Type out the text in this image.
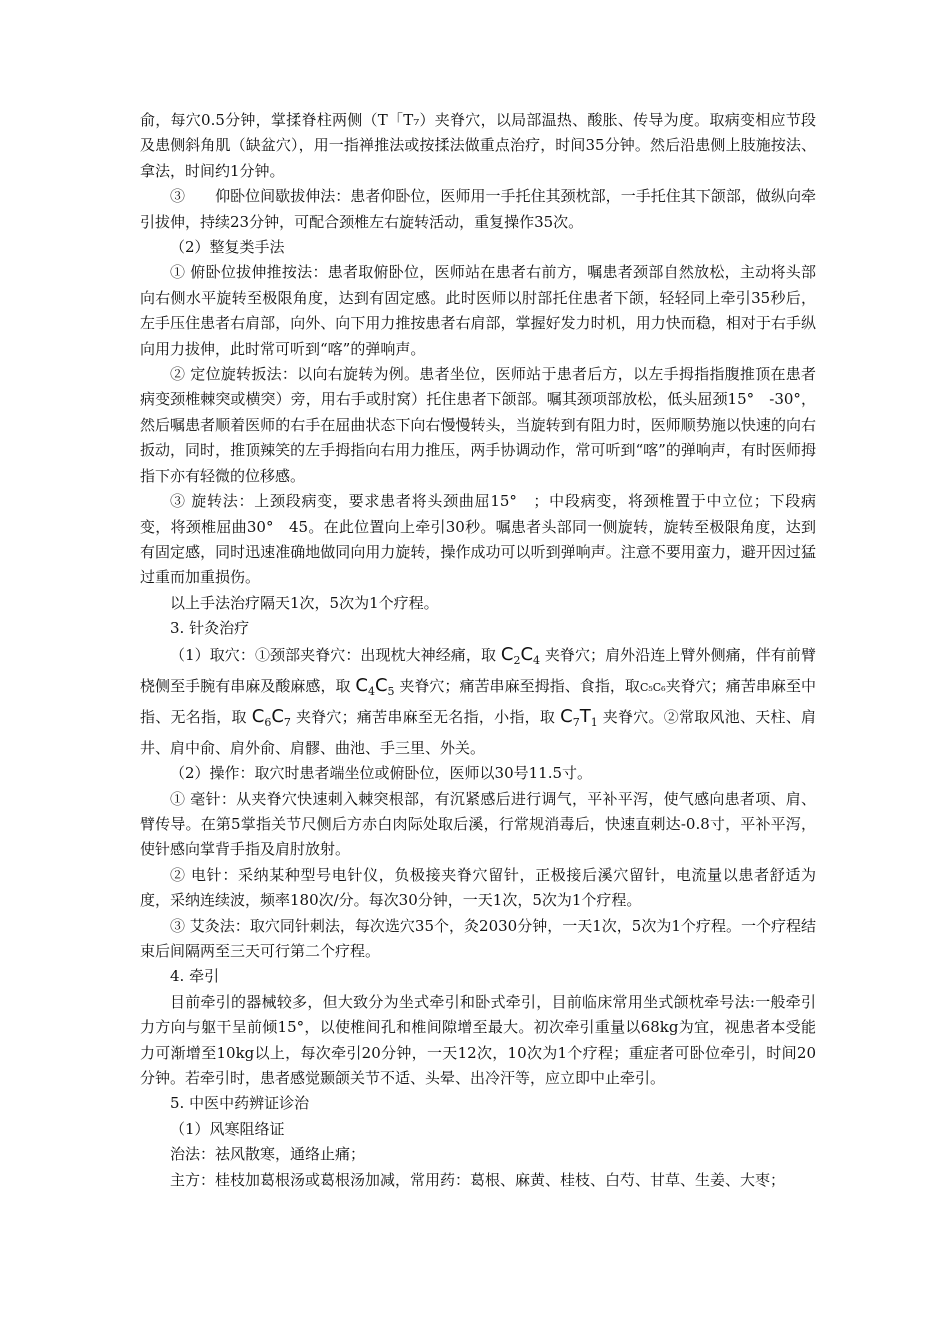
俞，每穴0.5分钟，掌揉脊柱两侧（T「T₇）夹脊穴，以局部温热、酸胀、传导为度。取病变相应节段及患侧斜角肌（缺盆穴），用一指禅推法或按揉法做重点治疗，时间35分钟。然后沿患侧上肢施按法、拿法，时间约1分钟。

③　　仰卧位间歇拔伸法：患者仰卧位，医师用一手托住其颈枕部，一手托住其下颌部，做纵向牵引拔伸，持续23分钟，可配合颈椎左右旋转活动，重复操作35次。

（2）整复类手法

① 俯卧位拔伸推按法：患者取俯卧位，医师站在患者右前方，嘱患者颈部自然放松，主动将头部向右侧水平旋转至极限角度，达到有固定感。此时医师以肘部托住患者下颌，轻轻同上牵引35秒后，左手压住患者右肩部，向外、向下用力推按患者右肩部，掌握好发力时机，用力快而稳，相对于右手纵向用力拔伸，此时常可听到“喀”的弹响声。

② 定位旋转扳法：以向右旋转为例。患者坐位，医师站于患者后方，以左手拇指指腹推顶在患者病变颈椎棘突或横突）旁，用右手或肘窝）托住患者下颌部。嘱其颈项部放松，低头屈颈15°　-30°，然后嘱患者顺着医师的右手在屈曲状态下向右慢慢转头，当旋转到有阻力时，医师顺势施以快速的向右扳动，同时，推顶辣笑的左手拇指向右用力推压，两手协调动作，常可听到“喀”的弹响声，有时医师拇指下亦有轻微的位移感。

③ 旋转法：上颈段病变，要求患者将头颈曲屈15°　；中段病变，将颈椎置于中立位；下段病变，将颈椎屈曲30°　45。在此位置向上牵引30秒。嘱患者头部同一侧旋转，旋转至极限角度，达到有固定感，同时迅速准确地做同向用力旋转，操作成功可以听到弹响声。注意不要用蛮力，避开因过猛过重而加重损伤。

以上手法治疗隔天1次，5次为1个疗程。

3. 针灸治疗

（1）取穴：①颈部夹脊穴：出现枕大神经痛，取 $C_2C_4$ 夹脊穴；肩外沿连上臂外侧痛，伴有前臂桡侧至手腕有串麻及酸麻感，取 $C_4C_5$ 夹脊穴；痛苦串麻至拇指、食指，取C₅C₆夹脊穴；痛苦串麻至中指、无名指，取 $C_6C_7$ 夹脊穴；痛苦串麻至无名指，小指，取 $C_7T_1$ 夹脊穴。②常取风池、天柱、肩井、肩中俞、肩外俞、肩髎、曲池、手三里、外关。

（2）操作：取穴时患者端坐位或俯卧位，医师以30号11.5寸。

① 毫针：从夹脊穴快速刺入棘突根部，有沉紧感后进行调气，平补平泻，使气感向患者项、肩、臂传导。在第5掌指关节尺侧后方赤白肉际处取后溪，行常规消毒后，快速直刺达-0.8寸，平补平泻，使针感向掌背手指及肩肘放射。

② 电针：采纳某种型号电针仪，负极接夹脊穴留针，正极接后溪穴留针，电流量以患者舒适为度，采纳连续波，频率180次/分。每次30分钟，一天1次，5次为1个疗程。

③ 艾灸法：取穴同针刺法，每次选穴35个，灸2030分钟，一天1次，5次为1个疗程。一个疗程结束后间隔两至三天可行第二个疗程。

4. 牵引

目前牵引的器械较多，但大致分为坐式牵引和卧式牵引，目前临床常用坐式颌枕牵号法:一般牵引力方向与躯干呈前倾15°，以使椎间孔和椎间隙增至最大。初次牵引重量以68kg为宜，视患者本受能力可渐增至10kg以上，每次牵引20分钟，一天12次，10次为1个疗程；重症者可卧位牵引，时间20分钟。若牵引时，患者感觉颞颌关节不适、头晕、出冷汗等，应立即中止牵引。

5. 中医中药辨证诊治

（1）风寒阻络证

治法：祛风散寒，通络止痛；

主方：桂枝加葛根汤或葛根汤加减，常用药：葛根、麻黄、桂枝、白芍、甘草、生姜、大枣；
